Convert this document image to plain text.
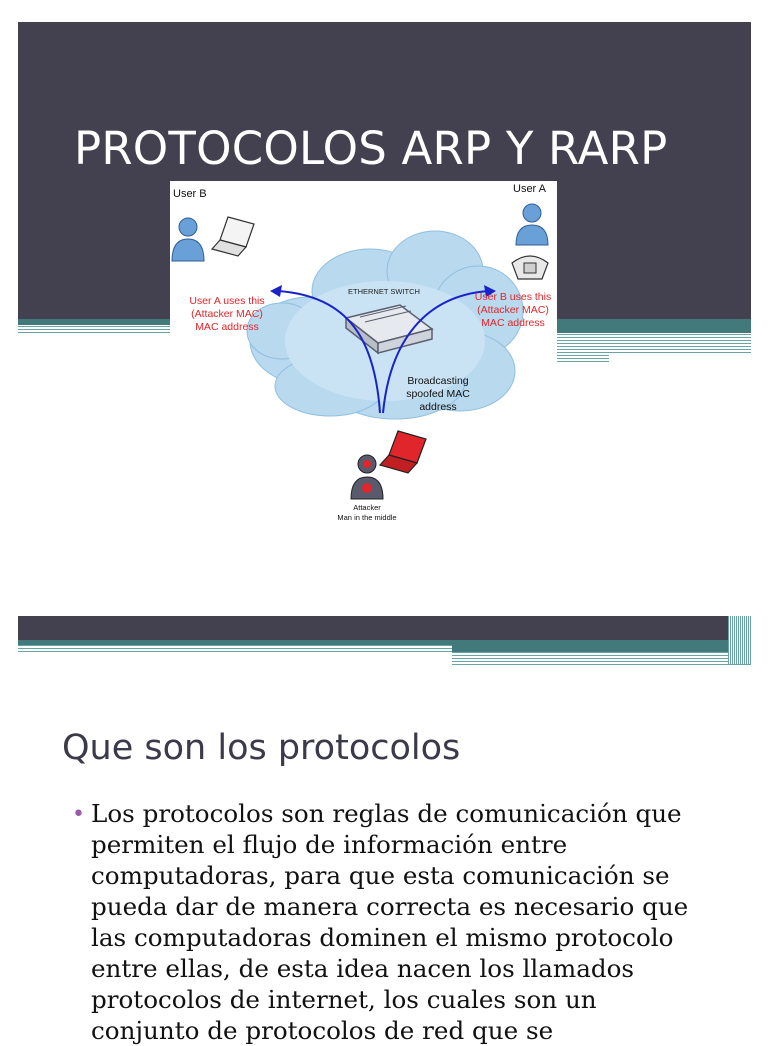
PROTOCOLOS ARP Y RARP
ETHERNET SWITCH
User B	User A
User A uses this
(Attacker MAC)
MAC address
User B uses this
(Attacker MAC)
MAC address
Broadcasting
spoofed MAC
address
Attacker
Man in the middle
Que son los protocolos
• Los protocolos son reglas de comunicación que permiten el flujo de información entre computadoras, para que esta comunicación se pueda dar de manera correcta es necesario que las computadoras dominen el mismo protocolo entre ellas, de esta idea nacen los llamados protocolos de internet, los cuales son un conjunto de protocolos de red que se
